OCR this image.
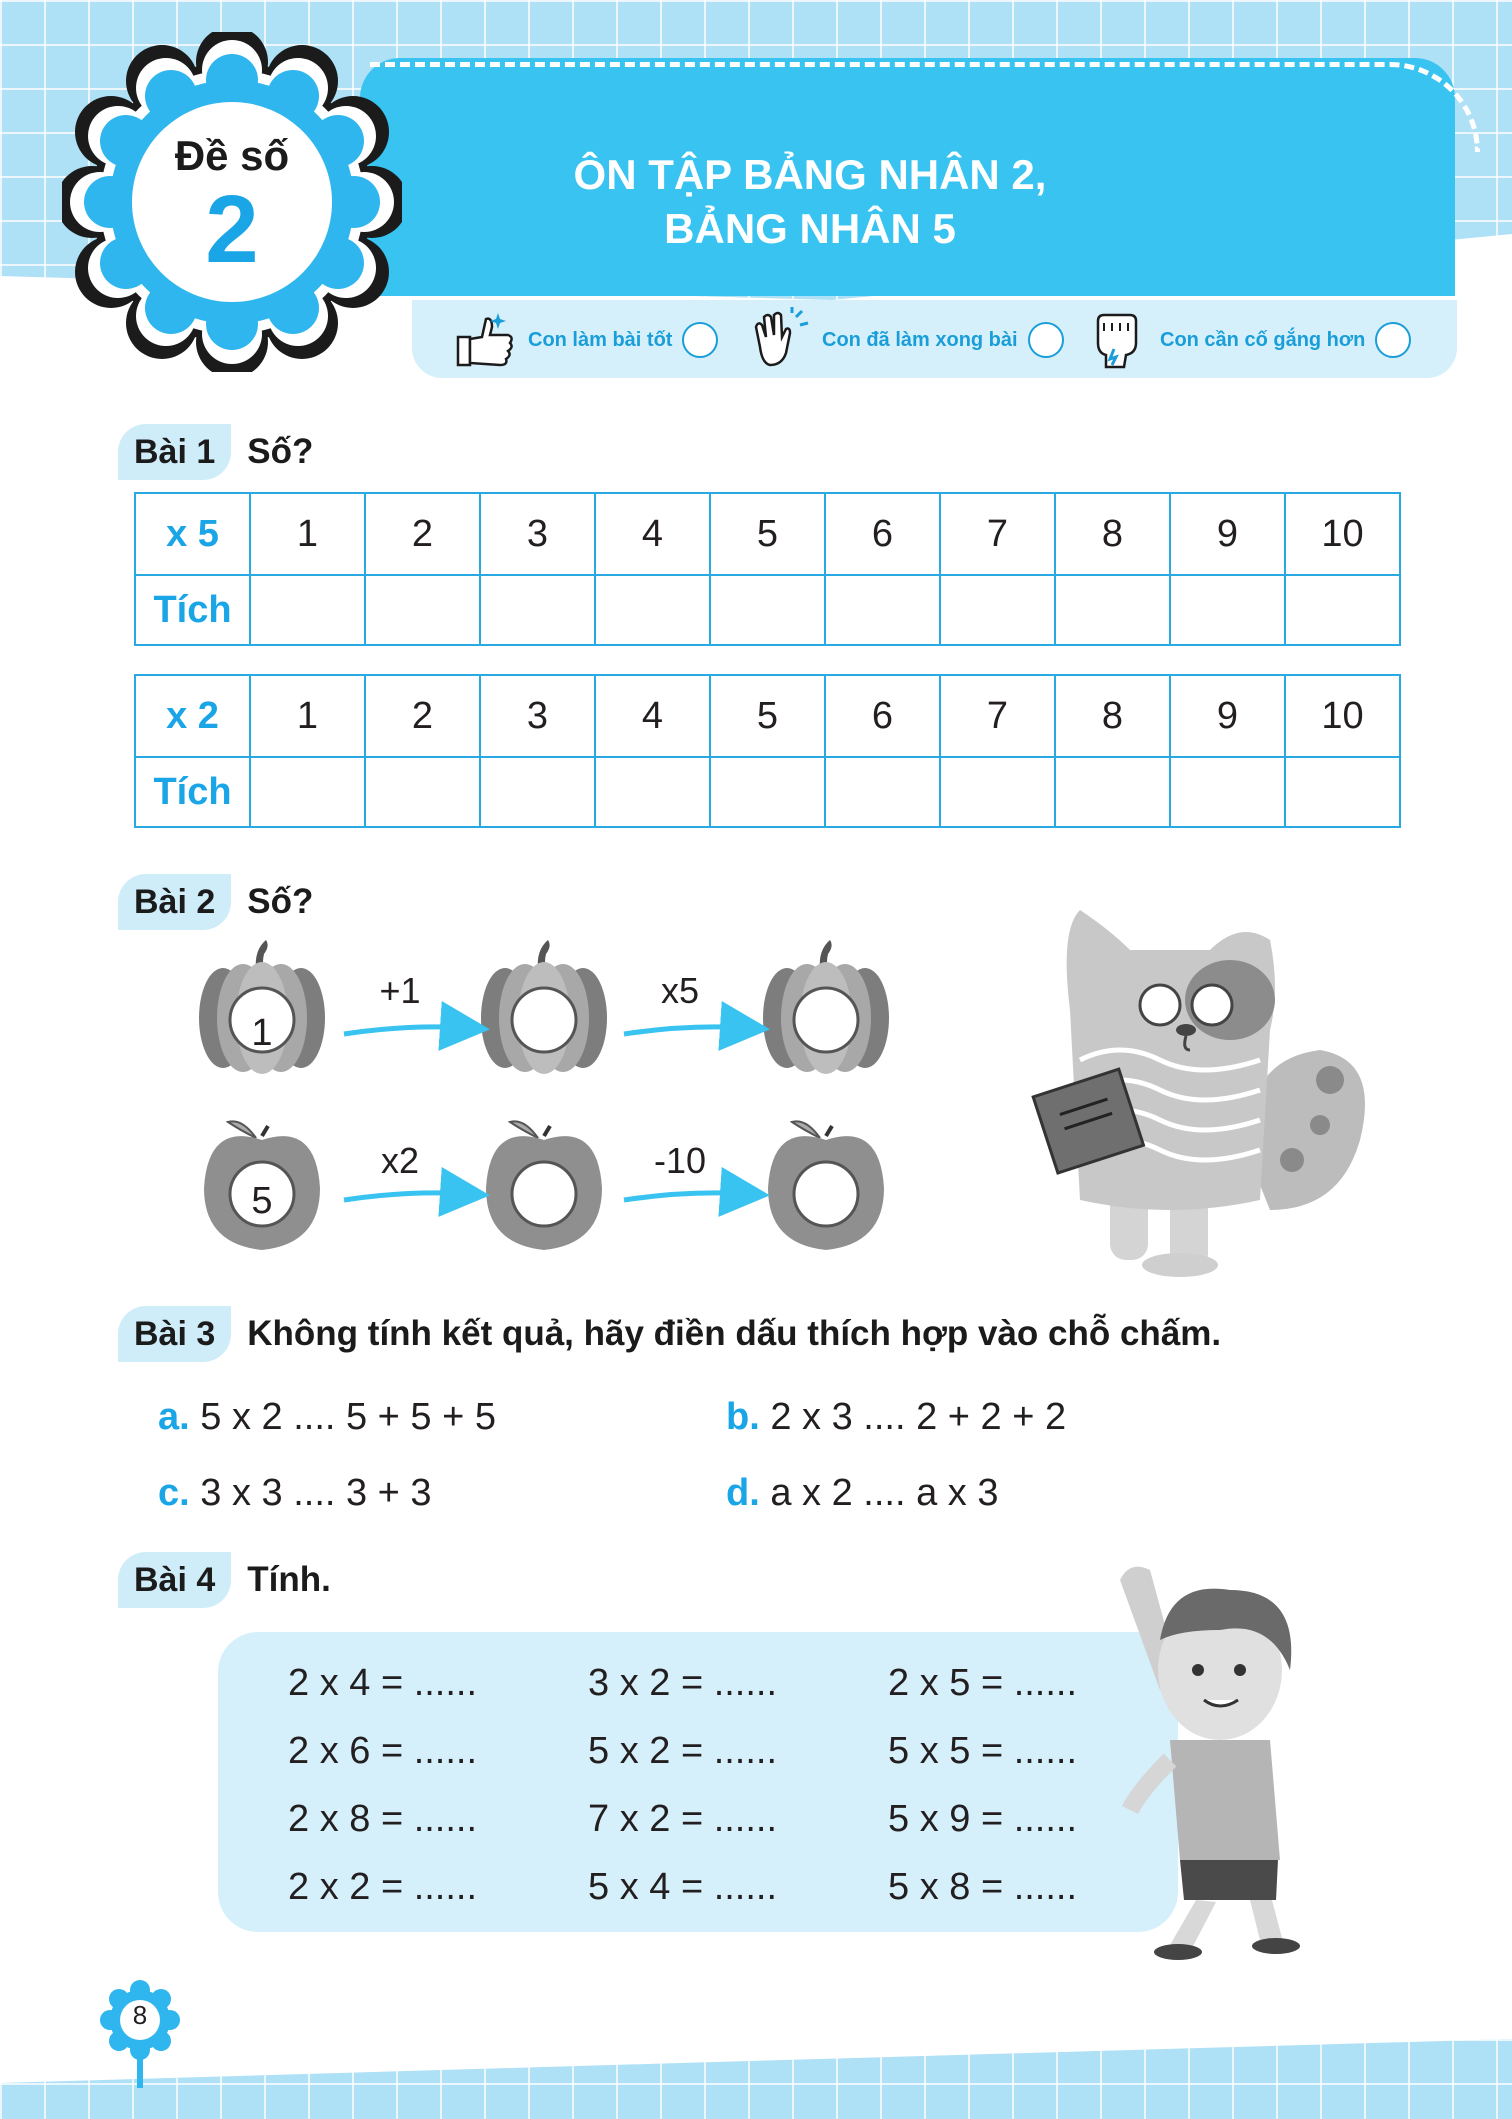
ÔN TẬP BẢNG NHÂN 2,
BẢNG NHÂN 5
Đề số
2
Con làm bài tốt	Con đã làm xong bài	Con cần cố gắng hơn
Bài 1 Số?
x 5	1	2	3	4	5	6	7	8	9	10
Tích										
x 2	1	2	3	4	5	6	7	8	9	10
Tích										
Bài 2 Số?
1
+1	x5
5
x2	-10
Bài 3 Không tính kết quả, hãy điền dấu thích hợp vào chỗ chấm.
a. 5 x 2 .... 5 + 5 + 5	b. 2 x 3 .... 2 + 2 + 2
c. 3 x 3 .... 3 + 3	d. a x 2 .... a x 3
Bài 4 Tính.
2 x 4 = ......	3 x 2 = ......	2 x 5 = ......
2 x 6 = ......	5 x 2 = ......	5 x 5 = ......
2 x 8 = ......	7 x 2 = ......	5 x 9 = ......
2 x 2 = ......	5 x 4 = ......	5 x 8 = ......
8
